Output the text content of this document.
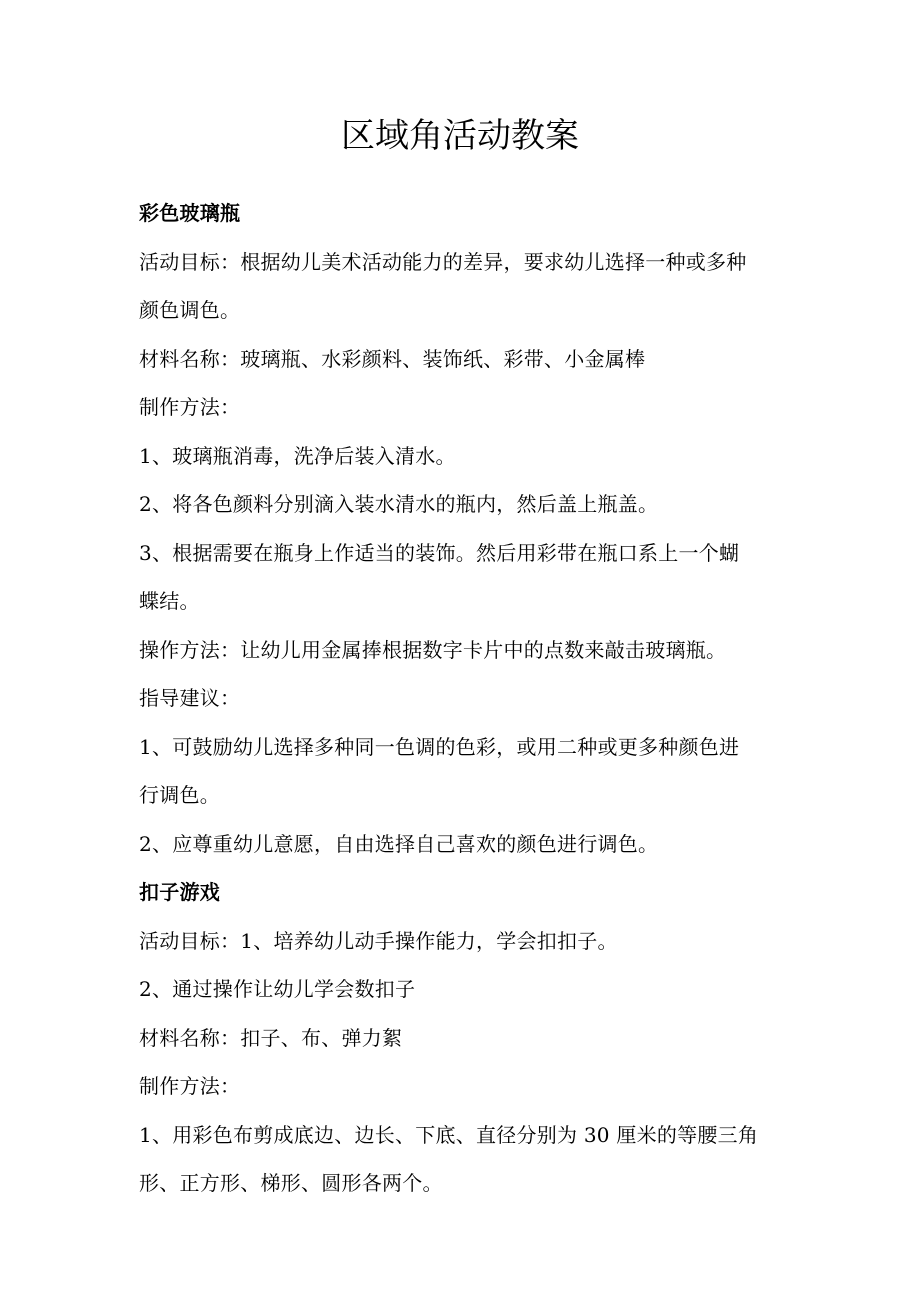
区域角活动教案

彩色玻璃瓶

活动目标：根据幼儿美术活动能力的差异，要求幼儿选择一种或多种

颜色调色。

材料名称：玻璃瓶、水彩颜料、装饰纸、彩带、小金属棒

制作方法：

1、玻璃瓶消毒，洗净后装入清水。

2、将各色颜料分别滴入装水清水的瓶内，然后盖上瓶盖。

3、根据需要在瓶身上作适当的装饰。然后用彩带在瓶口系上一个蝴

蝶结。

操作方法：让幼儿用金属捧根据数字卡片中的点数来敲击玻璃瓶。

指导建议：

1、可鼓励幼儿选择多种同一色调的色彩，或用二种或更多种颜色进

行调色。

2、应尊重幼儿意愿，自由选择自己喜欢的颜色进行调色。

扣子游戏

活动目标：1、培养幼儿动手操作能力，学会扣扣子。

2、通过操作让幼儿学会数扣子

材料名称：扣子、布、弹力絮

制作方法：

1、用彩色布剪成底边、边长、下底、直径分别为 30 厘米的等腰三角

形、正方形、梯形、圆形各两个。
